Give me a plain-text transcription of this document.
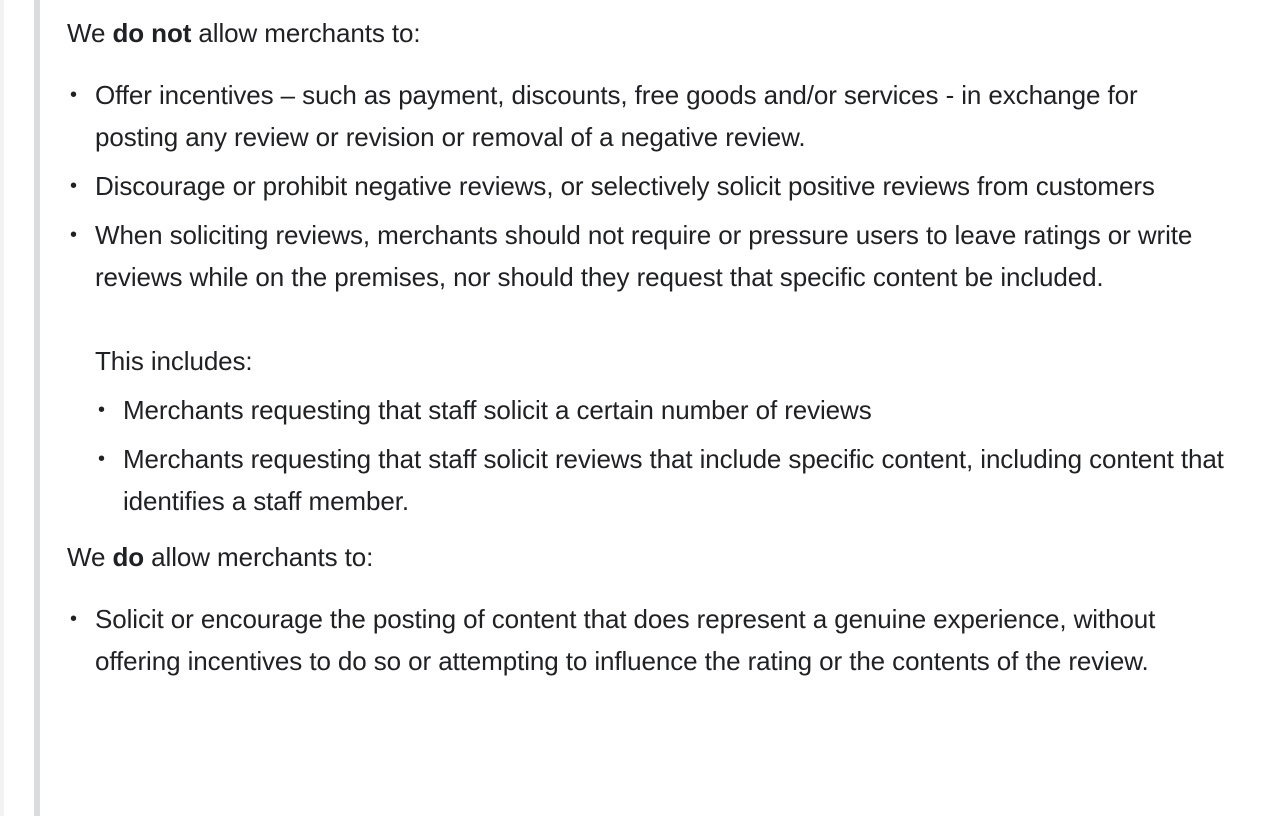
We do not allow merchants to:

• Offer incentives – such as payment, discounts, free goods and/or services - in exchange for posting any review or revision or removal of a negative review.
• Discourage or prohibit negative reviews, or selectively solicit positive reviews from customers
• When soliciting reviews, merchants should not require or pressure users to leave ratings or write reviews while on the premises, nor should they request that specific content be included.
This includes:
• Merchants requesting that staff solicit a certain number of reviews
• Merchants requesting that staff solicit reviews that include specific content, including content that identifies a staff member.

We do allow merchants to:

• Solicit or encourage the posting of content that does represent a genuine experience, without offering incentives to do so or attempting to influence the rating or the contents of the review.
